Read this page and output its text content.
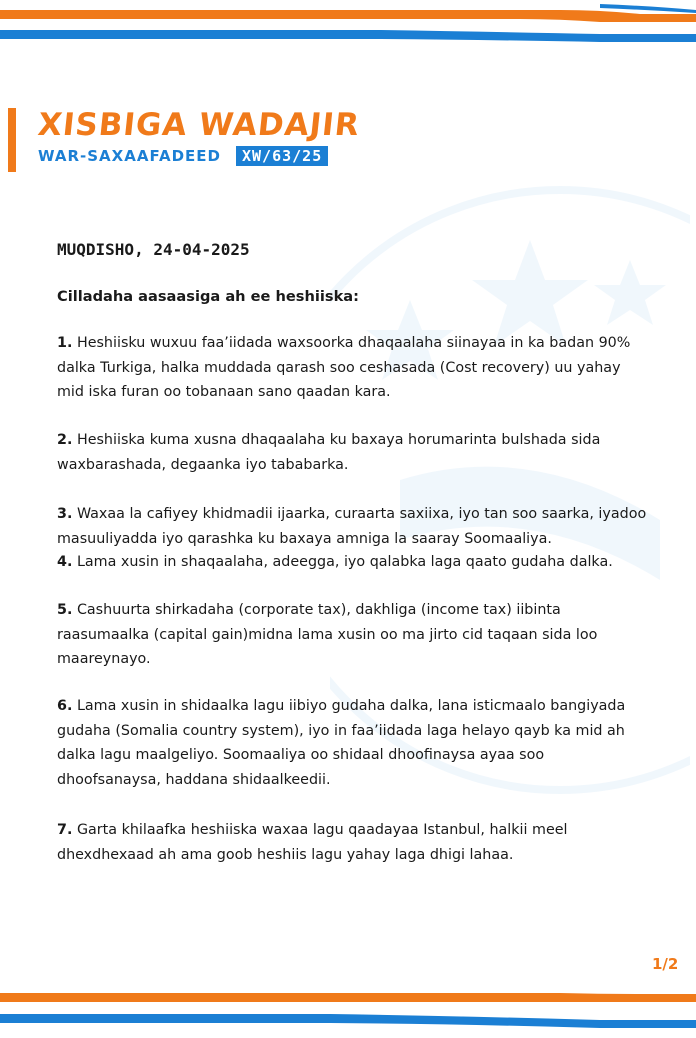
XISBIGA WADAJIR
WAR-SAXAAFADEED	XW/63/25
MUQDISHO, 24-04-2025
Cilladaha aasaasiga ah ee heshiiska:
1. Heshiisku wuxuu faa’iidada waxsoorka dhaqaalaha siinayaa in ka badan 90% dalka Turkiga, halka muddada qarash soo ceshasada (Cost recovery) uu yahay mid iska furan oo tobanaan sano qaadan kara.
2. Heshiiska kuma xusna dhaqaalaha ku baxaya horumarinta bulshada sida waxbarashada, degaanka iyo tababarka.
3. Waxaa la cafiyey khidmadii ijaarka, curaarta saxiixa, iyo tan soo saarka, iyadoo masuuliyadda iyo qarashka ku baxaya amniga la saaray Soomaaliya.
4. Lama xusin in shaqaalaha, adeegga, iyo qalabka laga qaato gudaha dalka.
5. Cashuurta shirkadaha (corporate tax), dakhliga (income tax) iibinta raasumaalka (capital gain)midna lama xusin oo ma jirto cid taqaan sida loo maareynayo.
6. Lama xusin in shidaalka lagu iibiyo gudaha dalka, lana isticmaalo bangiyada gudaha (Somalia country system), iyo in faa’iidada laga helayo qayb ka mid ah dalka lagu maalgeliyo. Soomaaliya oo shidaal dhoofinaysa ayaa soo dhoofsanaysa, haddana shidaalkeedii.
7. Garta khilaafka heshiiska waxaa lagu qaadayaa Istanbul, halkii meel dhexdhexaad ah ama goob heshiis lagu yahay laga dhigi lahaa.
1/2
